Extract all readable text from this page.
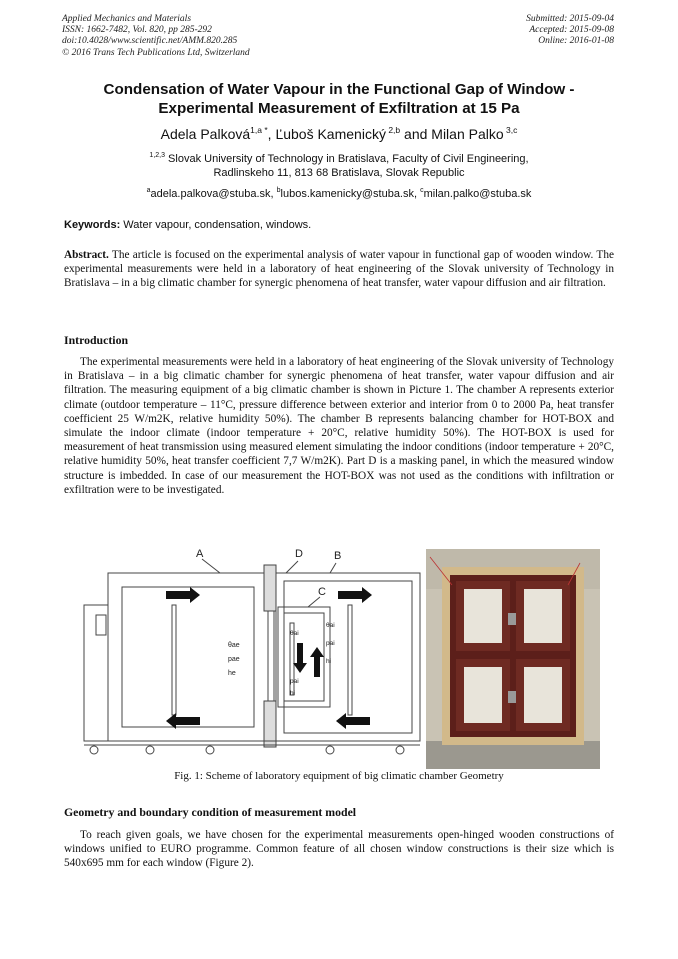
Applied Mechanics and Materials
ISSN: 1662-7482, Vol. 820, pp 285-292
doi:10.4028/www.scientific.net/AMM.820.285
© 2016 Trans Tech Publications Ltd, Switzerland
Submitted: 2015-09-04
Accepted: 2015-09-08
Online: 2016-01-08
Condensation of Water Vapour in the Functional Gap of Window -
Experimental Measurement of Exfiltration at 15 Pa
Adela Palková$^{1,a *}$, Ľuboš Kamenický $^{2,b}$ and Milan Palko $^{3,c}$
$^{1,2,3}$ Slovak University of Technology in Bratislava, Faculty of Civil Engineering,
Radlinskeho 11, 813 68 Bratislava, Slovak Republic
$^a$adela.palkova@stuba.sk, $^b$lubos.kamenicky@stuba.sk, $^c$milan.palko@stuba.sk
Keywords: Water vapour, condensation, windows.
Abstract. The article is focused on the experimental analysis of water vapour in functional gap of wooden window. The experimental measurements were held in a laboratory of heat engineering of the Slovak university of Technology in Bratislava – in a big climatic chamber for synergic phenomena of heat transfer, water vapour diffusion and air filtration.
Introduction
The experimental measurements were held in a laboratory of heat engineering of the Slovak university of Technology in Bratislava – in a big climatic chamber for synergic phenomena of heat transfer, water vapour diffusion and air filtration. The measuring equipment of a big climatic chamber is shown in Picture 1. The chamber A represents exterior climate (outdoor temperature – 11°C, pressure difference between exterior and interior from 0 to 2000 Pa, heat transfer coefficient 25 W/m2K, relative humidity 50%). The chamber B represents balancing chamber for HOT-BOX and simulate the indoor climate (indoor temperature + 20°C, relative humidity 50%). The HOT-BOX is used for measurement of heat transmission using measured element simulating the indoor conditions (indoor temperature + 20°C, relative humidity 50%, heat transfer coefficient 7,7 W/m2K). Part D is a masking panel, in which the measured window structure is imbedded. In case of our measurement the HOT-BOX was not used as the conditions with infiltration or exfiltration were to be investigated.
A	D
C
B
θae
pae
he
θai
pai
hi
θai
pai
hi
Fig. 1: Scheme of laboratory equipment of big climatic chamber Geometry
Geometry and boundary condition of measurement model
To reach given goals, we have chosen for the experimental measurements open-hinged wooden constructions of windows unified to EURO programme. Common feature of all chosen window constructions is their size which is 540x695 mm for each window (Figure 2).
